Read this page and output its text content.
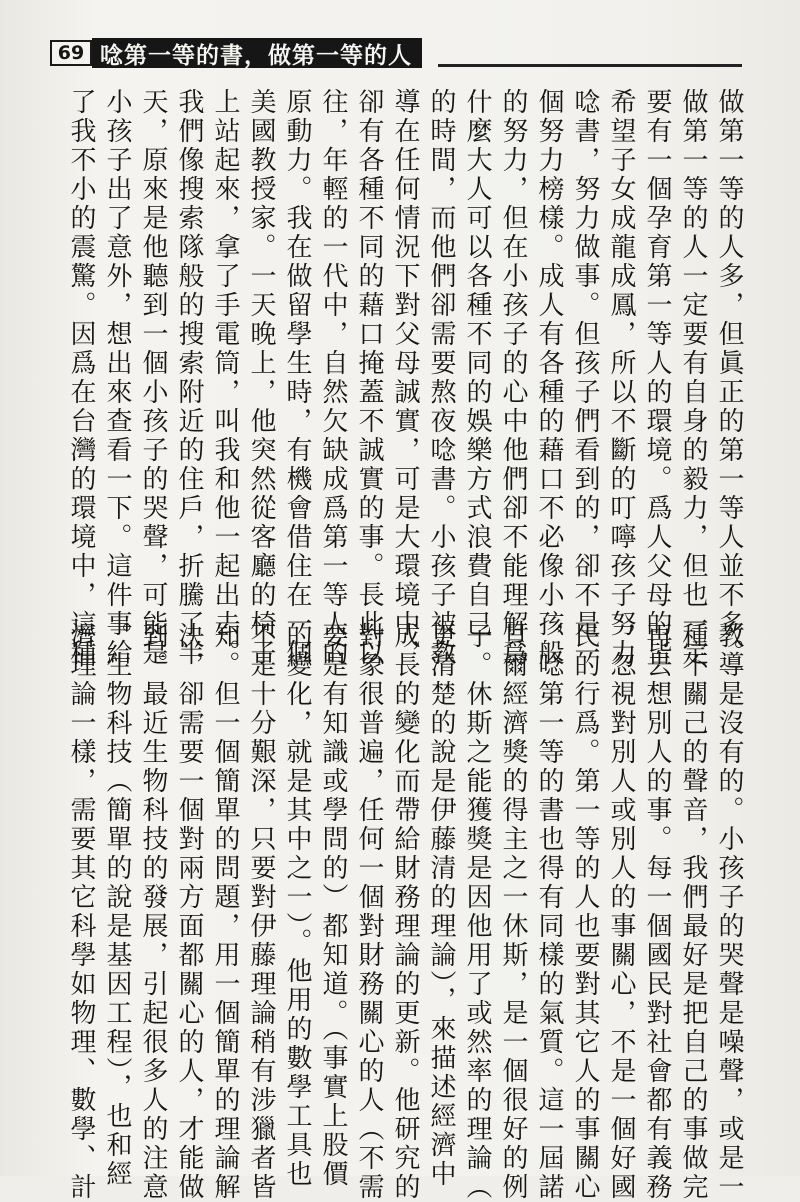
69 唸第一等的書，做第一等的人
做第一等的人多，但眞正的第一等人並不多。
做第一等的人一定要有自身的毅力，但也一定
要有一個孕育第一等人的環境。爲人父母的皆
希望子女成龍成鳳，所以不斷的叮嚀孩子努力
唸書，努力做事。但孩子們看到的，卻不是一
個努力榜樣。成人有各種的藉口不必像小孩般
的努力，但在小孩子的心中他們卻不能理解爲
什麼大人可以各種不同的娛樂方式浪費自己
的時間，而他們卻需要熬夜唸書。小孩子被教
導在任何情況下對父母誠實，可是大環境中，
卻有各種不同的藉口掩蓋不誠實的事。長此以
往，年輕的一代中，自然欠缺成爲第一等人的
原動力。我在做留學生時，有機會借住在一個
美國教授家。一天晚上，他突然從客廳的椅子
上站起來，拿了手電筒，叫我和他一起出去。
我們像搜索隊般的搜索附近的住戶，折騰了半
天，原來是他聽到一個小孩子的哭聲，可能是
小孩子出了意外，想出來查看一下。這件事給
了我不小的震驚。因爲在台灣的環境中，這種
教導是沒有的。小孩子的哭聲是噪聲，或是一
種不關己的聲音，我們最好是把自己的事做完
再去想別人的事。每一個國民對社會都有義務
，忽視對別人或別人的事關心，不是一個好國
民的行爲。第一等的人也要對其它人的事關心
，唸第一等的書也得有同樣的氣質。這一屆諾
貝爾經濟獎的得主之一休斯，是一個很好的例
子。休斯之能獲獎是因他用了或然率的理論（
更清楚的說是伊藤清的理論），來描述經濟中
成長的變化而帶給財務理論的更新。他研究的
對象很普遍，任何一個對財務關心的人（不需
要是有知識或學問的）都知道。（事實上股價
的變化，就是其中之一）。他用的數學工具也
不是十分艱深，只要對伊藤理論稍有涉獵者皆
知。但一個簡單的問題，用一個簡單的理論解
決，卻需要一個對兩方面都關心的人，才能做
到。最近生物科技的發展，引起很多人的注意
。生物科技（簡單的說是基因工程），也和經
濟理論一樣，需要其它科學如物理、數學、計
